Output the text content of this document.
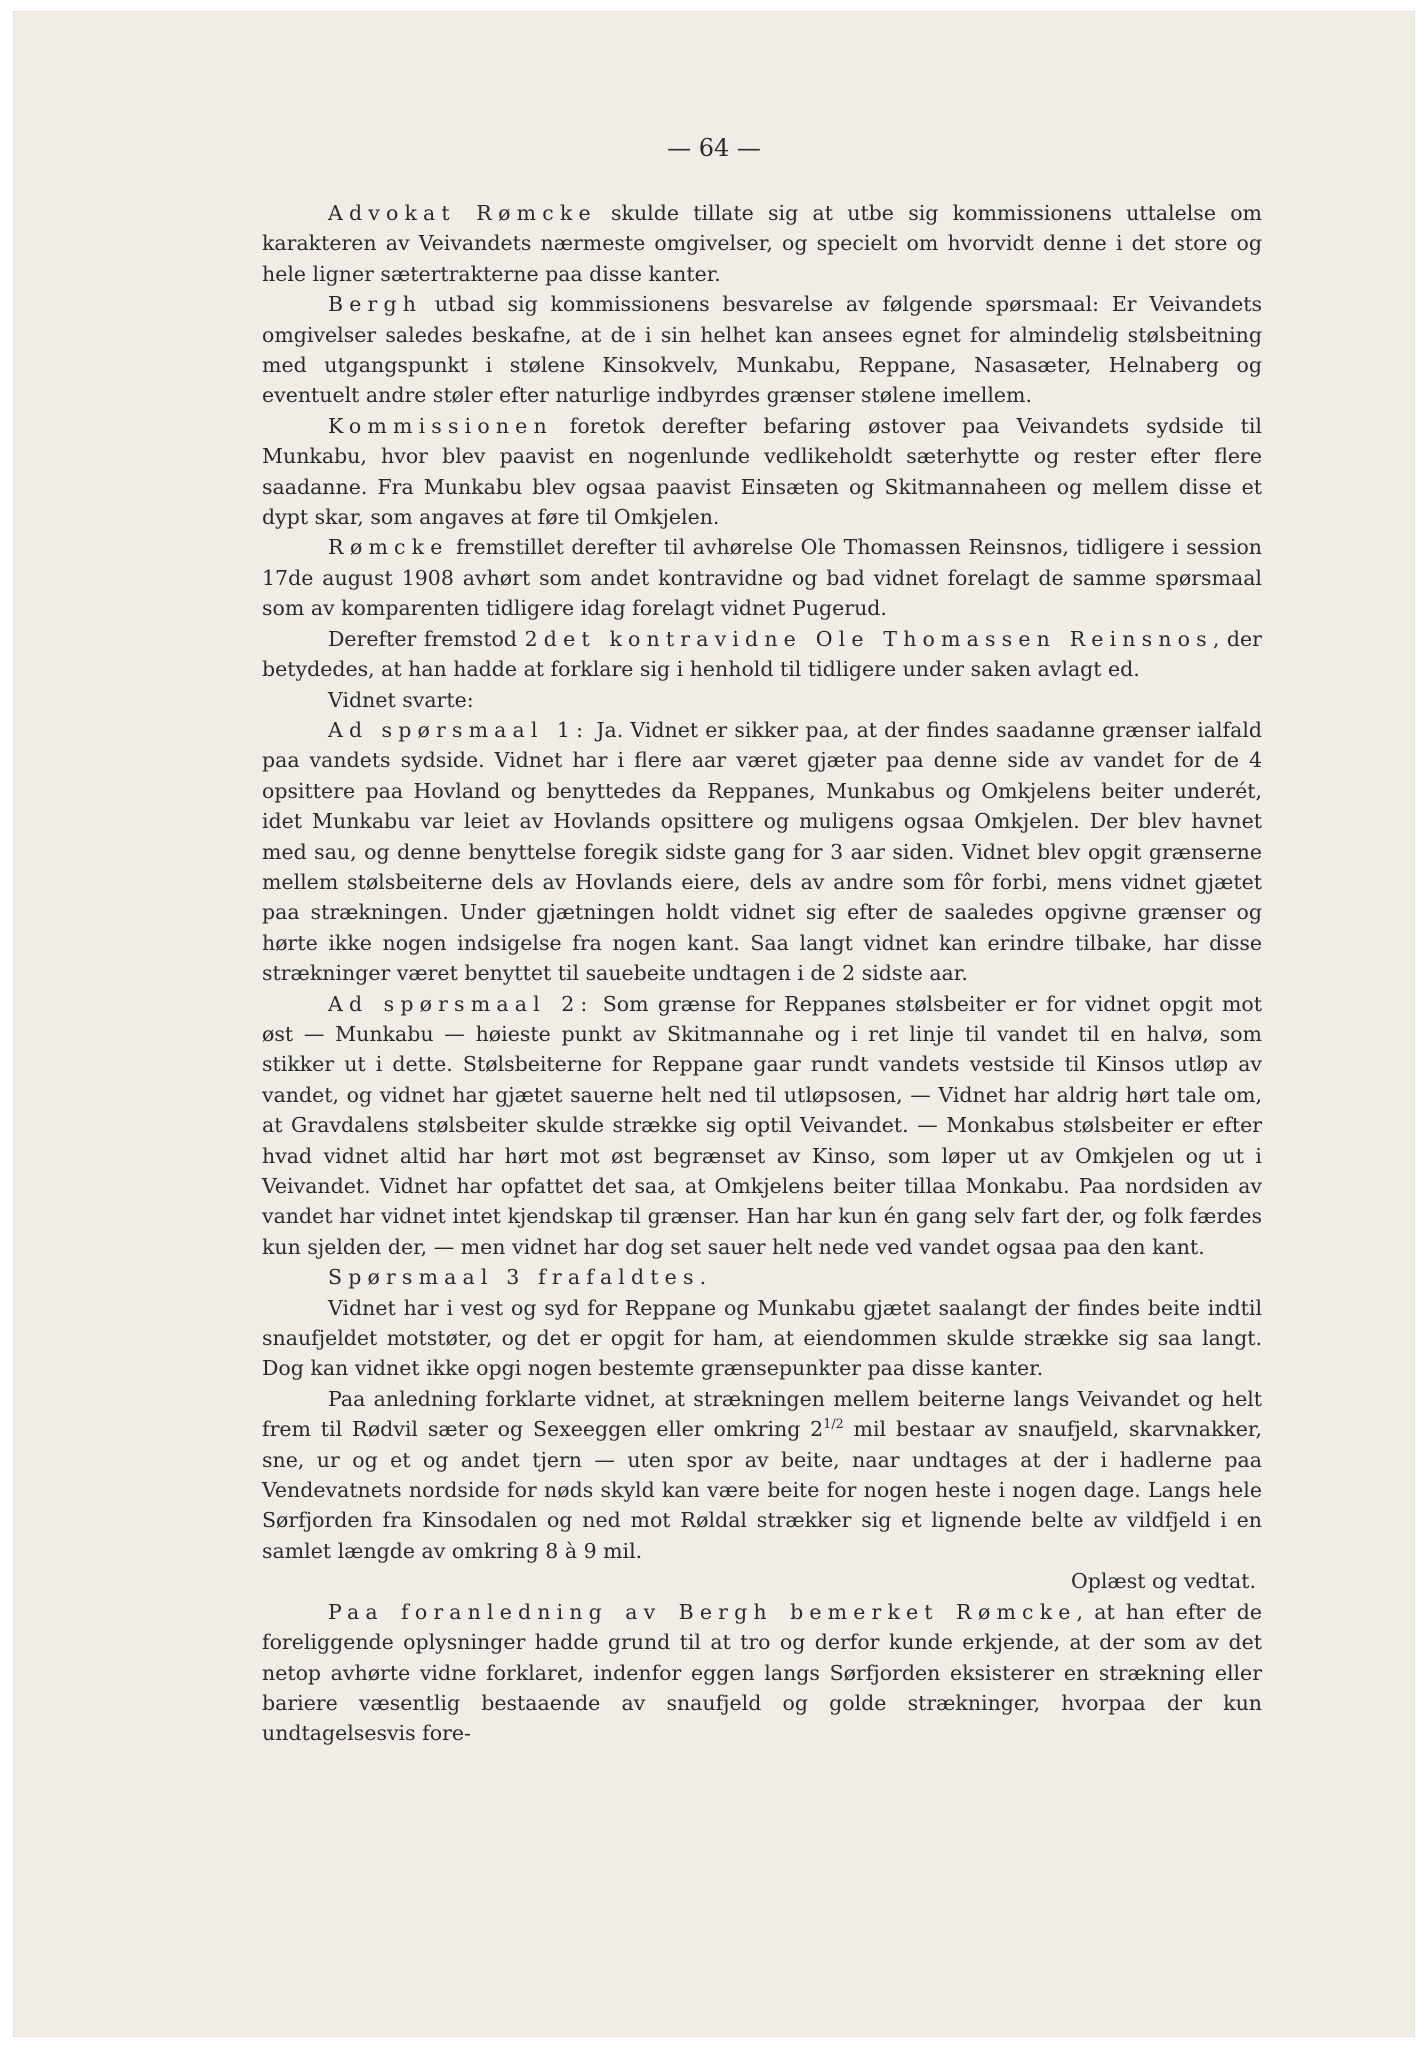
— 64 —

Advokat Rømcke skulde tillate sig at utbe sig kommissionens uttalelse om karakteren av Veivandets nærmeste omgivelser, og specielt om hvorvidt denne i det store og hele ligner sætertrakterne paa disse kanter.

Bergh utbad sig kommissionens besvarelse av følgende spørsmaal: Er Veivandets omgivelser saledes beskafne, at de i sin helhet kan ansees egnet for almindelig stølsbeitning med utgangspunkt i stølene Kinsokvelv, Munkabu, Reppane, Nasasæter, Helnaberg og eventuelt andre støler efter naturlige indbyrdes grænser stølene imellem.

Kommissionen foretok derefter befaring østover paa Veivandets sydside til Munkabu, hvor blev paavist en nogenlunde vedlikeholdt sæterhytte og rester efter flere saadanne. Fra Munkabu blev ogsaa paavist Einsæten og Skitmannaheen og mellem disse et dypt skar, som angaves at føre til Omkjelen.

Rømcke fremstillet derefter til avhørelse Ole Thomassen Reinsnos, tidligere i session 17de august 1908 avhørt som andet kontravidne og bad vidnet forelagt de samme spørsmaal som av komparenten tidligere idag forelagt vidnet Pugerud.

Derefter fremstod 2det kontravidne Ole Thomassen Reinsnos, der betydedes, at han hadde at forklare sig i henhold til tidligere under saken avlagt ed.

Vidnet svarte:

Ad spørsmaal 1: Ja. Vidnet er sikker paa, at der findes saadanne grænser ialfald paa vandets sydside. Vidnet har i flere aar været gjæter paa denne side av vandet for de 4 opsittere paa Hovland og benyttedes da Reppanes, Munkabus og Omkjelens beiter underét, idet Munkabu var leiet av Hovlands opsittere og muligens ogsaa Omkjelen. Der blev havnet med sau, og denne benyttelse foregik sidste gang for 3 aar siden. Vidnet blev opgit grænserne mellem stølsbeiterne dels av Hovlands eiere, dels av andre som fôr forbi, mens vidnet gjætet paa strækningen. Under gjætningen holdt vidnet sig efter de saaledes opgivne grænser og hørte ikke nogen indsigelse fra nogen kant. Saa langt vidnet kan erindre tilbake, har disse strækninger været benyttet til sauebeite undtagen i de 2 sidste aar.

Ad spørsmaal 2: Som grænse for Reppanes stølsbeiter er for vidnet opgit mot øst — Munkabu — høieste punkt av Skitmannahe og i ret linje til vandet til en halvø, som stikker ut i dette. Stølsbeiterne for Reppane gaar rundt vandets vestside til Kinsos utløp av vandet, og vidnet har gjætet sauerne helt ned til utløpsosen, — Vidnet har aldrig hørt tale om, at Gravdalens stølsbeiter skulde strække sig optil Veivandet. — Monkabus stølsbeiter er efter hvad vidnet altid har hørt mot øst begrænset av Kinso, som løper ut av Omkjelen og ut i Veivandet. Vidnet har opfattet det saa, at Omkjelens beiter tillaa Monkabu. Paa nordsiden av vandet har vidnet intet kjendskap til grænser. Han har kun én gang selv fart der, og folk færdes kun sjelden der, — men vidnet har dog set sauer helt nede ved vandet ogsaa paa den kant.

Spørsmaal 3 frafaldtes.

Vidnet har i vest og syd for Reppane og Munkabu gjætet saalangt der findes beite indtil snaufjeldet motstøter, og det er opgit for ham, at eiendommen skulde strække sig saa langt. Dog kan vidnet ikke opgi nogen bestemte grænsepunkter paa disse kanter.

Paa anledning forklarte vidnet, at strækningen mellem beiterne langs Veivandet og helt frem til Rødvil sæter og Sexeeggen eller omkring $2^{1/2}$ mil bestaar av snaufjeld, skarvnakker, sne, ur og et og andet tjern — uten spor av beite, naar undtages at der i hadlerne paa Vendevatnets nordside for nøds skyld kan være beite for nogen heste i nogen dage. Langs hele Sørfjorden fra Kinsodalen og ned mot Røldal strækker sig et lignende belte av vildfjeld i en samlet længde av omkring 8 à 9 mil.

Oplæst og vedtat.

Paa foranledning av Bergh bemerket Rømcke, at han efter de foreliggende oplysninger hadde grund til at tro og derfor kunde erkjende, at der som av det netop avhørte vidne forklaret, indenfor eggen langs Sørfjorden eksisterer en strækning eller bariere væsentlig bestaaende av snaufjeld og golde strækninger, hvorpaa der kun undtagelsesvis fore-
